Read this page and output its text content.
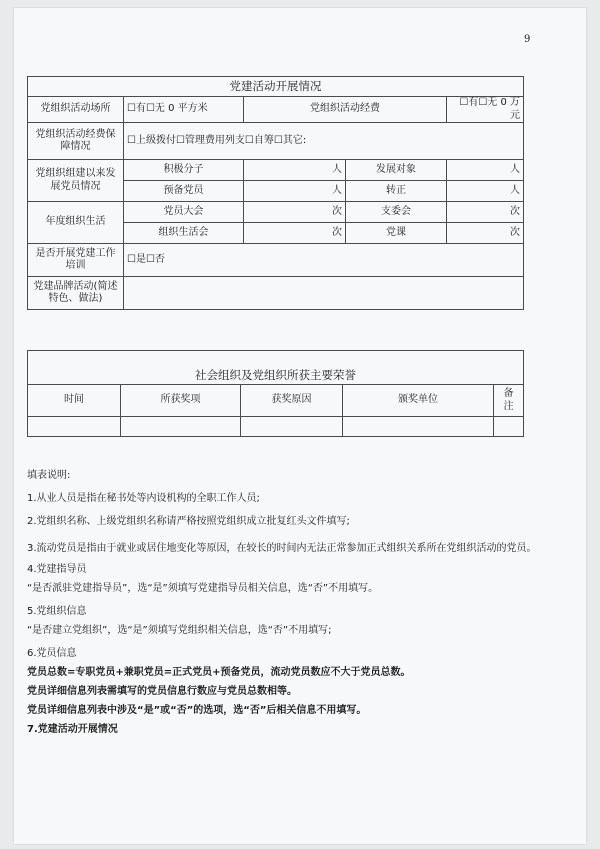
9
党建活动开展情况				
党组织活动场所	☐有☐无 0 平方米	党组织活动经费		☐有☐无 0 万元
党组织活动经费保障情况	☐上级拨付☐管理费用列支☐自筹☐其它:			
党组织组建以来发展党员情况	积极分子	人	发展对象	人
	预备党员	人	转正	人
年度组织生活	党员大会	次	支委会	次
	组织生活会	次	党课	次
是否开展党建工作培训	☐是☐否			
党建品牌活动(简述特色、做法)				
社会组织及党组织所获主要荣誉				
时间	所获奖项	获奖原因	颁奖单位	备注

填表说明:

1.从业人员是指在秘书处等内设机构的全职工作人员;

2.党组织名称、上级党组织名称请严格按照党组织成立批复红头文件填写;

3.流动党员是指由于就业或居住地变化等原因，在较长的时间内无法正常参加正式组织关系所在党组织活动的党员。

4.党建指导员

“是否派驻党建指导员”，选“是”须填写党建指导员相关信息，选“否”不用填写。

5.党组织信息

“是否建立党组织”，选“是”须填写党组织相关信息，选“否”不用填写;

6.党员信息

党员总数=专职党员+兼职党员=正式党员+预备党员，流动党员数应不大于党员总数。

党员详细信息列表需填写的党员信息行数应与党员总数相等。

党员详细信息列表中涉及“是”或“否”的选项，选“否”后相关信息不用填写。

7.党建活动开展情况
